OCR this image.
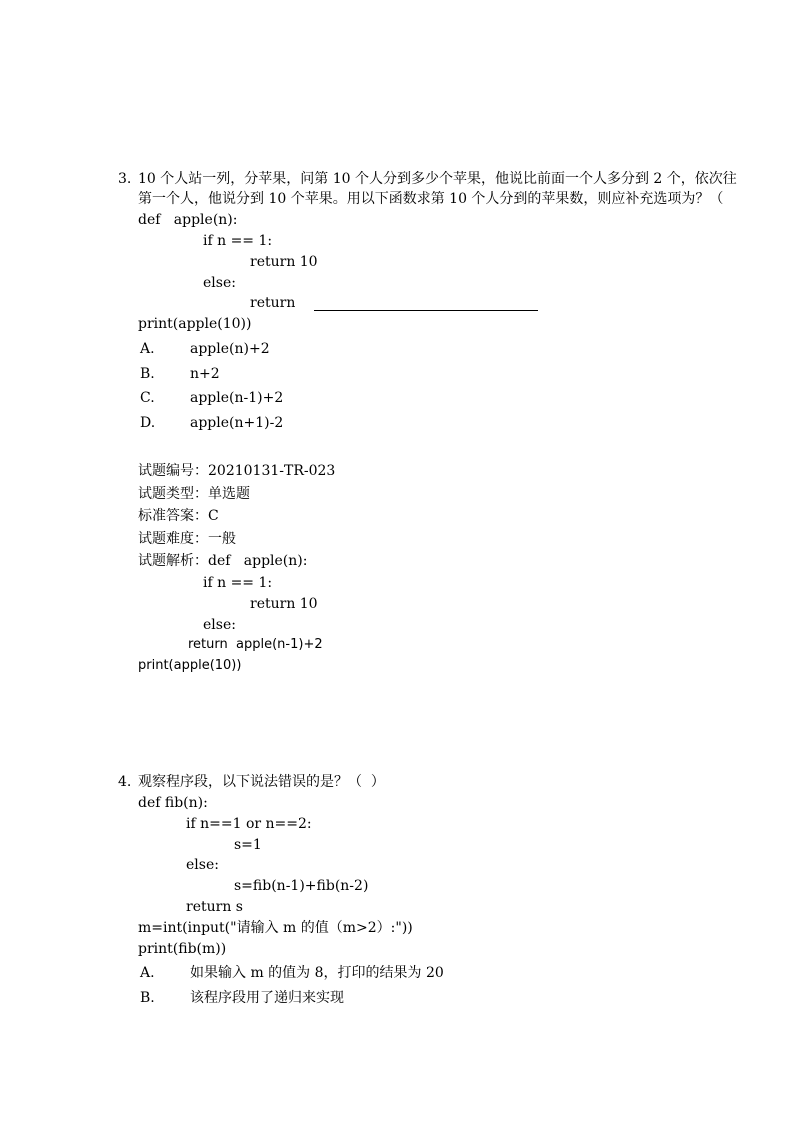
3. 10 个人站一列，分苹果，问第 10 个人分到多少个苹果，他说比前面一个人多分到 2 个，依次往
第一个人，他说分到 10 个苹果。用以下函数求第 10 个人分到的苹果数，则应补充选项为？（
def   apple(n):
if n == 1:
return 10
else:
return
print(apple(10))
A.	apple(n)+2
B.	n+2
C.	apple(n-1)+2
D. apple(n+1)-2
试题编号：20210131-TR-023
试题类型：单选题
标准答案：C
试题难度：一般
试题解析：def   apple(n):
if n == 1:
return 10
else:
return  apple(n-1)+2
print(apple(10))
4. 观察程序段，以下说法错误的是？（  ）
def fib(n):
if n==1 or n==2:
s=1
else:
s=fib(n-1)+fib(n-2)
return s
m=int(input("请输入 m 的值（m>2）:"))
print(fib(m))
A.	如果输入 m 的值为 8，打印的结果为 20
B.	该程序段用了递归来实现
